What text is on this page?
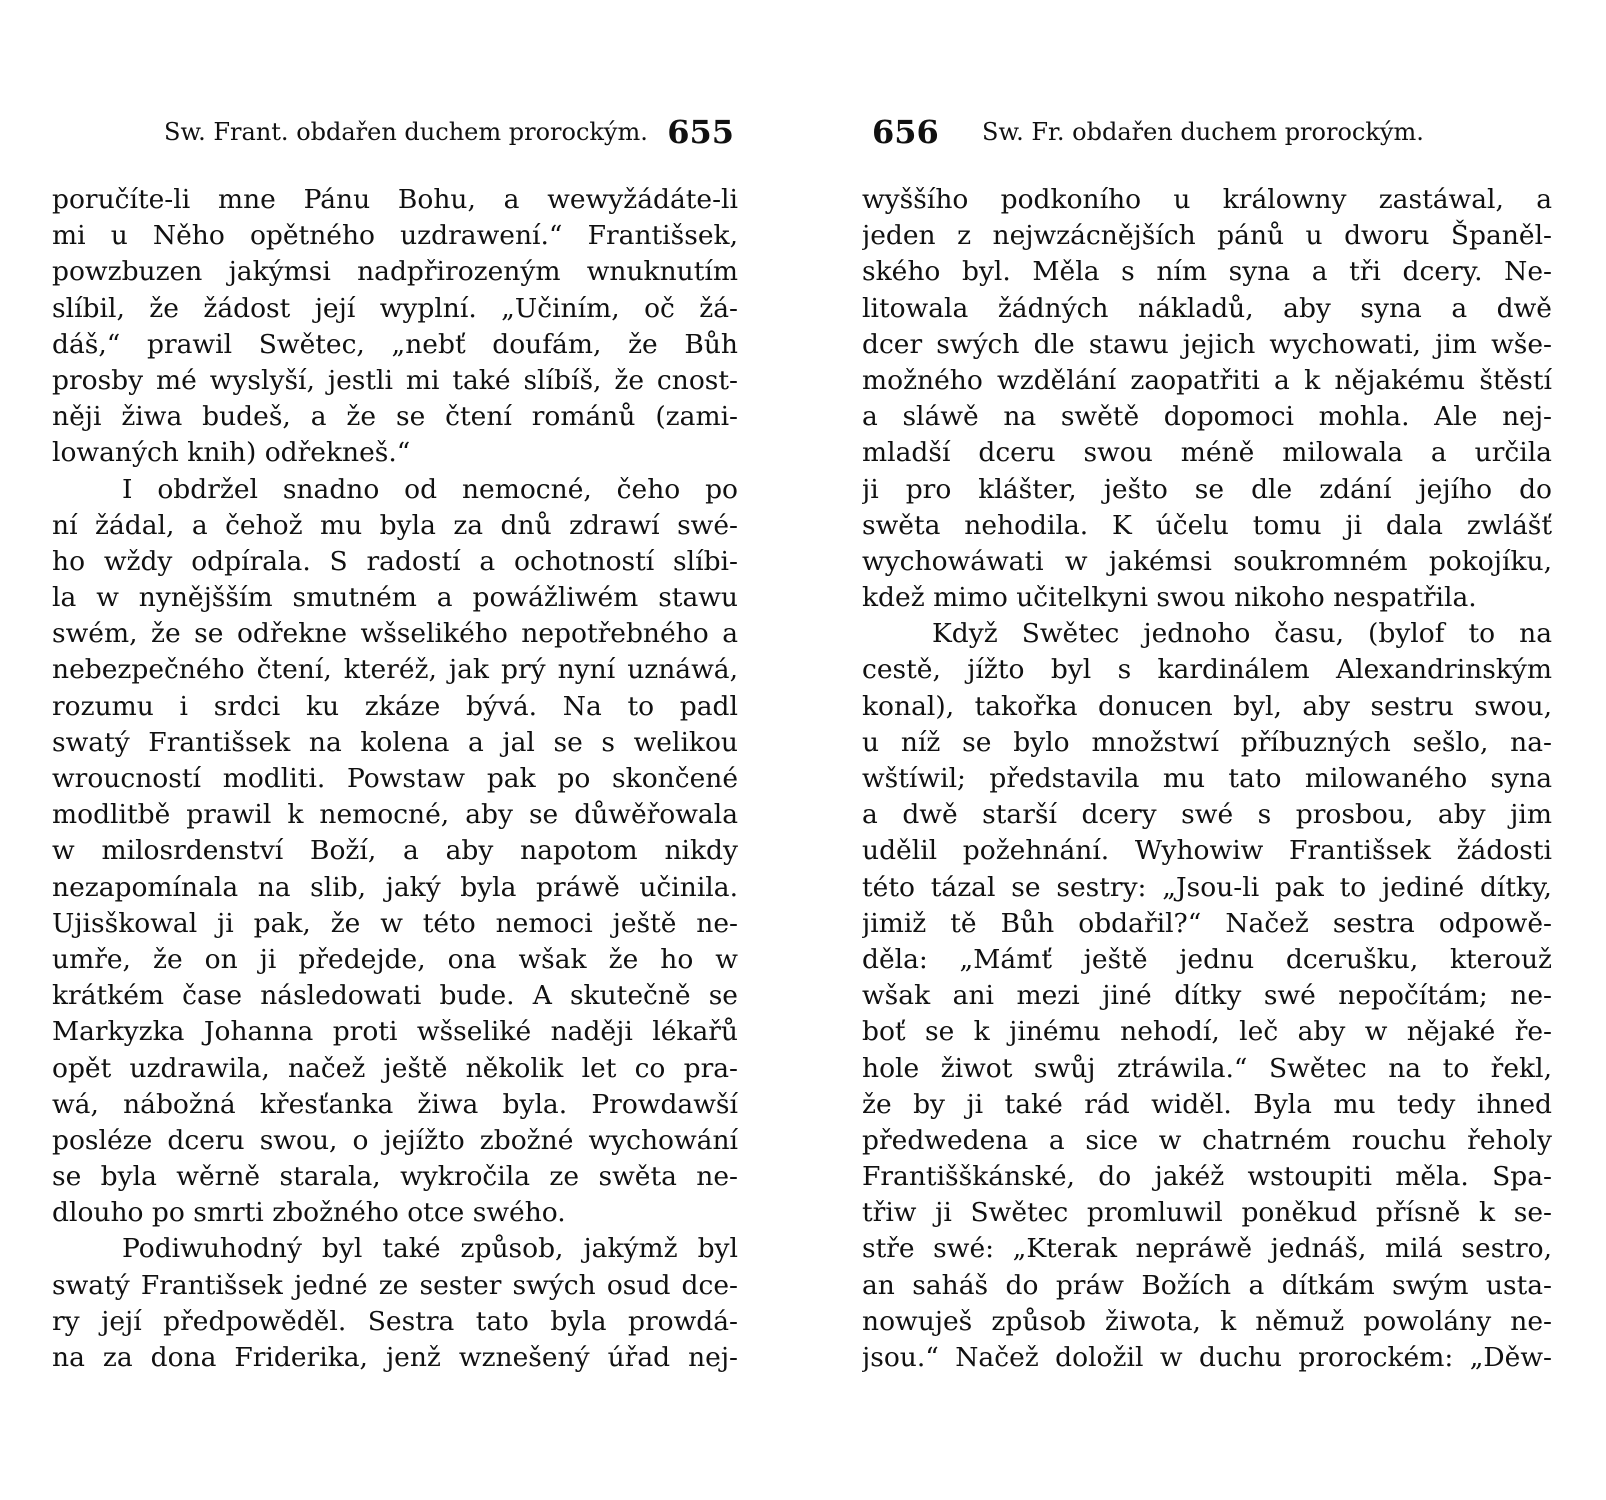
Sw. Frant. obdařen duchem prorockým. 655
poručíte-li mne Pánu Bohu, a wewyžádáte-li
mi u Něho opětného uzdrawení.“ Františsek,
powzbuzen jakýmsi nadpřirozeným wnuknutím
slíbil, že žádost její wyplní. „Učiním, oč žá-
dáš,“ prawil Swětec, „nebť doufám, že Bůh
prosby mé wyslyší, jestli mi také slíbíš, že cnost-
něji žiwa budeš, a že se čtení románů (zami-
lowaných knih) odřekneš.“
I obdržel snadno od nemocné, čeho po
ní žádal, a čehož mu byla za dnů zdrawí swé-
ho wždy odpírala. S radostí a ochotností slíbi-
la w nynějšším smutném a powážliwém stawu
swém, že se odřekne wšselikého nepotřebného a
nebezpečného čtení, kteréž, jak prý nyní uznáwá,
rozumu i srdci ku zkáze bývá. Na to padl
swatý Františsek na kolena a jal se s welikou
wroucností modliti. Powstaw pak po skončené
modlitbě prawil k nemocné, aby se důwěřowala
w milosrdenství Boží, a aby napotom nikdy
nezapomínala na slib, jaký byla práwě učinila.
Ujisškowal ji pak, že w této nemoci ještě ne-
umře, že on ji předejde, ona wšak že ho w
krátkém čase následowati bude. A skutečně se
Markyzka Johanna proti wšseliké naději lékařů
opět uzdrawila, načež ještě několik let co pra-
wá, nábožná křesťanka žiwa byla. Prowdawší
posléze dceru swou, o jejížto zbožné wychowání
se byla wěrně starala, wykročila ze swěta ne-
dlouho po smrti zbožného otce swého.
Podiwuhodný byl také způsob, jakýmž byl
swatý Františsek jedné ze sester swých osud dce-
ry její předpowěděl. Sestra tato byla prowdá-
na za dona Friderika, jenž wznešený úřad nej-
656 Sw. Fr. obdařen duchem prorockým.
wyššího podkoního u králowny zastáwal, a
jeden z nejwzácnějších pánů u dworu Španěl-
ského byl. Měla s ním syna a tři dcery. Ne-
litowala žádných nákladů, aby syna a dwě
dcer swých dle stawu jejich wychowati, jim wše-
možného wzdělání zaopatřiti a k nějakému štěstí
a sláwě na swětě dopomoci mohla. Ale nej-
mladší dceru swou méně milowala a určila
ji pro klášter, ješto se dle zdání jejího do
swěta nehodila. K účelu tomu ji dala zwlášť
wychowáwati w jakémsi soukromném pokojíku,
kdež mimo učitelkyni swou nikoho nespatřila.
Když Swětec jednoho času, (bylof to na
cestě, jížto byl s kardinálem Alexandrinským
konal), takořka donucen byl, aby sestru swou,
u níž se bylo množstwí příbuzných sešlo, na-
wštíwil; představila mu tato milowaného syna
a dwě starší dcery swé s prosbou, aby jim
udělil požehnání. Wyhowiw Františsek žádosti
této tázal se sestry: „Jsou-li pak to jediné dítky,
jimiž tě Bůh obdařil?“ Načež sestra odpowě-
děla: „Mámť ještě jednu dcerušku, kterouž
wšak ani mezi jiné dítky swé nepočítám; ne-
boť se k jinému nehodí, leč aby w nějaké ře-
hole žiwot swůj ztráwila.“ Swětec na to řekl,
že by ji také rád widěl. Byla mu tedy ihned
předwedena a sice w chatrném rouchu řeholy
Františškánské, do jakéž wstoupiti měla. Spa-
třiw ji Swětec promluwil poněkud přísně k se-
stře swé: „Kterak nepráwě jednáš, milá sestro,
an saháš do práw Božích a dítkám swým usta-
nowuješ způsob žiwota, k němuž powolány ne-
jsou.“ Načež doložil w duchu prorockém: „Děw-
